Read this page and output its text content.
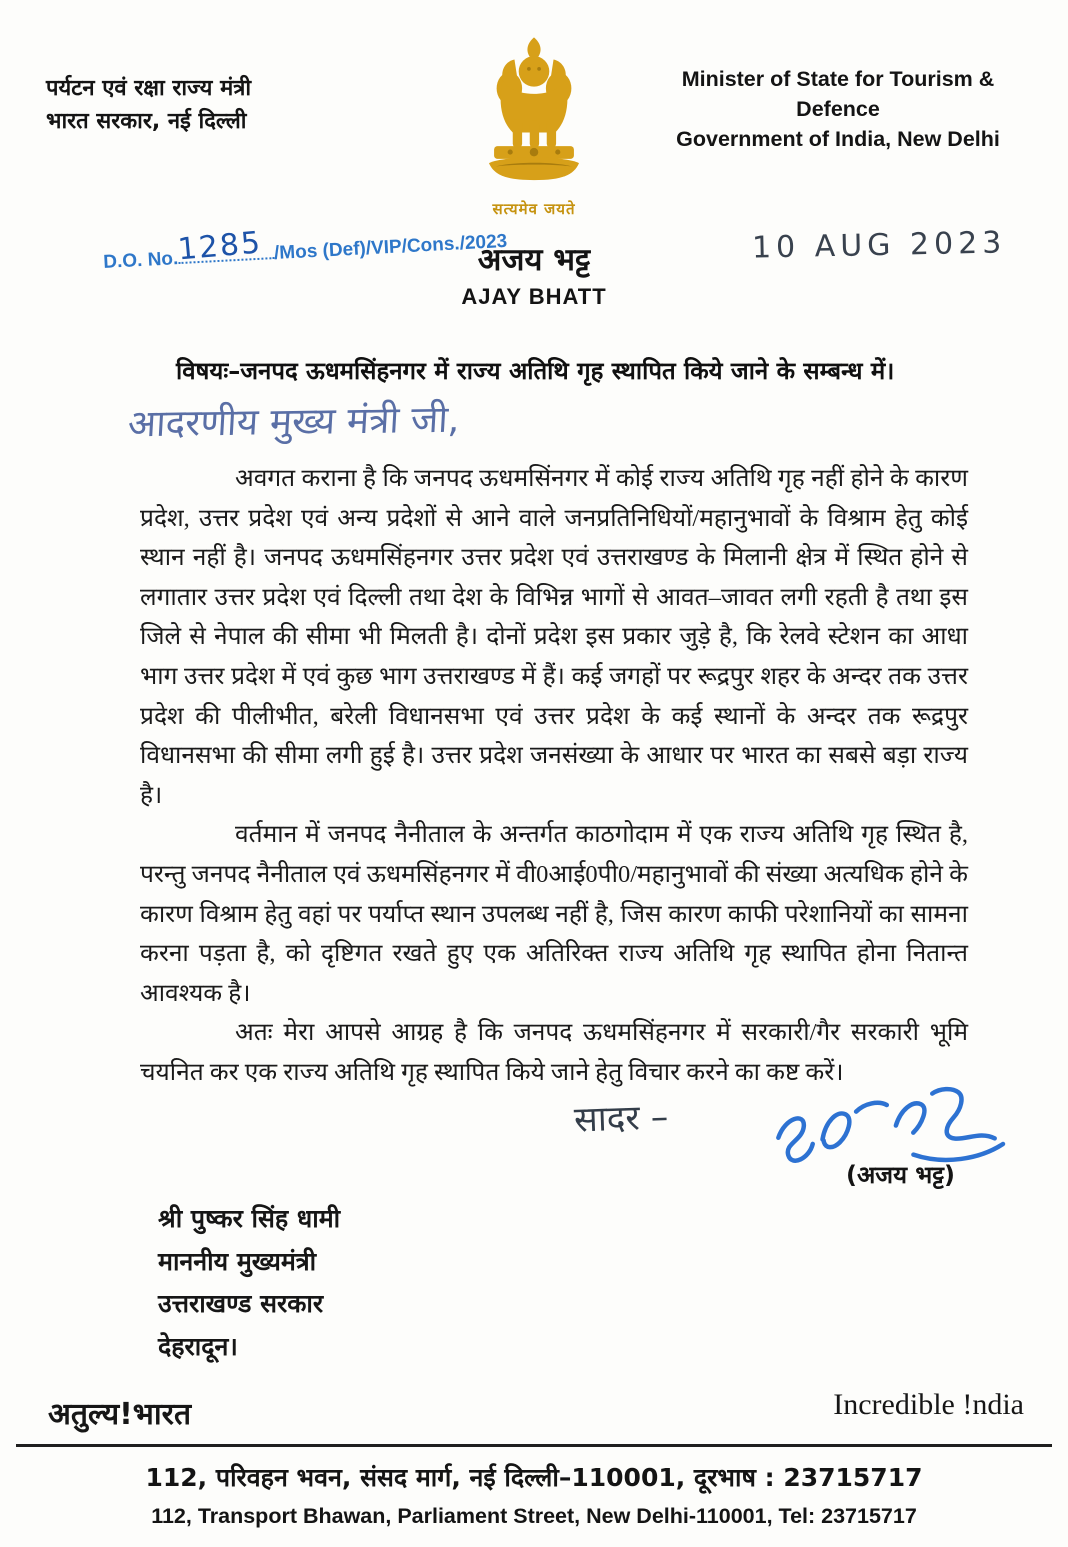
पर्यटन एवं रक्षा राज्य मंत्री
भारत सरकार, नई दिल्ली
सत्यमेव जयते
Minister of State for Tourism & Defence
Government of India, New Delhi
D.O. No.
1285 /Mos (Def)/VIP/Cons./2023
अजय भट्ट
AJAY BHATT
10 AUG 2023
विषयः–जनपद ऊधमसिंहनगर में राज्य अतिथि गृह स्थापित किये जाने के सम्बन्ध में।
आदरणीय मुख्य मंत्री जी,

अवगत कराना है कि जनपद ऊधमसिंनगर में कोई राज्य अतिथि गृह नहीं होने के कारण प्रदेश, उत्तर प्रदेश एवं अन्य प्रदेशों से आने वाले जनप्रतिनिधियों/महानुभावों के विश्राम हेतु कोई स्थान नहीं है। जनपद ऊधमसिंहनगर उत्तर प्रदेश एवं उत्तराखण्ड के मिलानी क्षेत्र में स्थित होने से लगातार उत्तर प्रदेश एवं दिल्ली तथा देश के विभिन्न भागों से आवत–जावत लगी रहती है तथा इस जिले से नेपाल की सीमा भी मिलती है। दोनों प्रदेश इस प्रकार जुड़े है, कि रेलवे स्टेशन का आधा भाग उत्तर प्रदेश में एवं कुछ भाग उत्तराखण्ड में हैं। कई जगहों पर रूद्रपुर शहर के अन्दर तक उत्तर प्रदेश की पीलीभीत, बरेली विधानसभा एवं उत्तर प्रदेश के कई स्थानों के अन्दर तक रूद्रपुर विधानसभा की सीमा लगी हुई है। उत्तर प्रदेश जनसंख्या के आधार पर भारत का सबसे बड़ा राज्य है।

वर्तमान में जनपद नैनीताल के अन्तर्गत काठगोदाम में एक राज्य अतिथि गृह स्थित है, परन्तु जनपद नैनीताल एवं ऊधमसिंहनगर में वी0आई0पी0/महानुभावों की संख्या अत्यधिक होने के कारण विश्राम हेतु वहां पर पर्याप्त स्थान उपलब्ध नहीं है, जिस कारण काफी परेशानियों का सामना करना पड़ता है, को दृष्टिगत रखते हुए एक अतिरिक्त राज्य अतिथि गृह स्थापित होना नितान्त आवश्यक है।

अतः मेरा आपसे आग्रह है कि जनपद ऊधमसिंहनगर में सरकारी/गैर सरकारी भूमि चयनित कर एक राज्य अतिथि गृह स्थापित किये जाने हेतु विचार करने का कष्ट करें।

सादर –
(अजय भट्ट)
श्री पुष्कर सिंह धामी
माननीय मुख्यमंत्री
उत्तराखण्ड सरकार
देहरादून।
अतुल्य!भारत	Incredible !ndia
112, परिवहन भवन, संसद मार्ग, नई दिल्ली–110001, दूरभाष : 23715717
112, Transport Bhawan, Parliament Street, New Delhi-110001, Tel: 23715717
